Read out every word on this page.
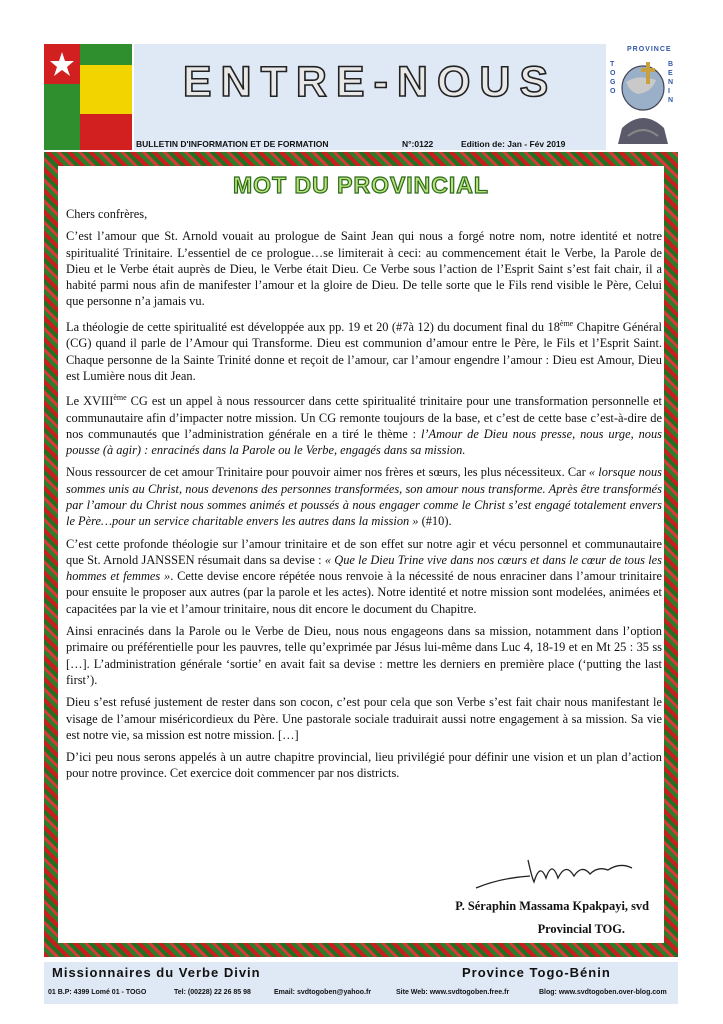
ENTRE-NOUS
BULLETIN D'INFORMATION ET DE FORMATION	N°:0122	Edition de: Jan - Fév 2019
PROVINCE
TOGO
BENIN
MOT DU PROVINCIAL

Chers confrères,

C’est l’amour que St. Arnold vouait au prologue de Saint Jean qui nous a forgé notre nom, notre identité et notre spiritualité Trinitaire. L’essentiel de ce prologue…se limiterait à ceci: au commencement était le Verbe, la Parole de Dieu et le Verbe était auprès de Dieu, le Verbe était Dieu. Ce Verbe sous l’action de l’Esprit Saint s’est fait chair, il a habité parmi nous afin de manifester l’amour et la gloire de Dieu. De telle sorte que le Fils rend visible le Père, Celui que personne n’a jamais vu.

La théologie de cette spiritualité est développée aux pp. 19 et 20 (#7à 12) du document final du 18ème Chapitre Général (CG) quand il parle de l’Amour qui Transforme. Dieu est communion d’amour entre le Père, le Fils et l’Esprit Saint. Chaque personne de la Sainte Trinité donne et reçoit de l’amour, car l’amour engendre l’amour : Dieu est Amour, Dieu est Lumière nous dit Jean.

Le XVIIIème CG est un appel à nous ressourcer dans cette spiritualité trinitaire pour une transformation personnelle et communautaire afin d’impacter notre mission. Un CG remonte toujours de la base, et c’est de cette base c’est-à-dire de nos communautés que l’administration générale en a tiré le thème : l’Amour de Dieu nous presse, nous urge, nous pousse (à agir) : enracinés dans la Parole ou le Verbe, engagés dans sa mission.

Nous ressourcer de cet amour Trinitaire pour pouvoir aimer nos frères et sœurs, les plus nécessiteux. Car « lorsque nous sommes unis au Christ, nous devenons des personnes transformées, son amour nous transforme. Après être transformés par l’amour du Christ nous sommes animés et poussés à nous engager comme le Christ s’est engagé totalement envers le Père…pour un service charitable envers les autres dans la mission » (#10).

C’est cette profonde théologie sur l’amour trinitaire et de son effet sur notre agir et vécu personnel et communautaire que St. Arnold JANSSEN résumait dans sa devise : « Que le Dieu Trine vive dans nos cœurs et dans le cœur de tous les hommes et femmes ». Cette devise encore répétée nous renvoie à la nécessité de nous enraciner dans l’amour trinitaire pour ensuite le proposer aux autres (par la parole et les actes). Notre identité et notre mission sont modelées, animées et capacitées par la vie et l’amour trinitaire, nous dit encore le document du Chapitre.

Ainsi enracinés dans la Parole ou le Verbe de Dieu, nous nous engageons dans sa mission, notamment dans l’option primaire ou préférentielle pour les pauvres, telle qu’exprimée par Jésus lui-même dans Luc 4, 18-19 et en Mt 25 : 35 ss […]. L’administration générale ‘sortie’ en avait fait sa devise : mettre les derniers en première place (‘putting the last first’).

Dieu s’est refusé justement de rester dans son cocon, c’est pour cela que son Verbe s’est fait chair nous manifestant le visage de l’amour miséricordieux du Père. Une pastorale sociale traduirait aussi notre engagement à sa mission. Sa vie est notre vie, sa mission est notre mission. […]

D’ici peu nous serons appelés à un autre chapitre provincial, lieu privilégié pour définir une vision et un plan d’action pour notre province. Cet exercice doit commencer par nos districts.

P. Séraphin Massama Kpakpayi, svd
Provincial TOG.
Missionnaires du Verbe Divin	Province Togo-Bénin
01 B.P: 4399 Lomé 01 - TOGO	Tel: (00228) 22 26 85 98	Email: svdtogoben@yahoo.fr	Site Web: www.svdtogoben.free.fr	Blog: www.svdtogoben.over-blog.com
